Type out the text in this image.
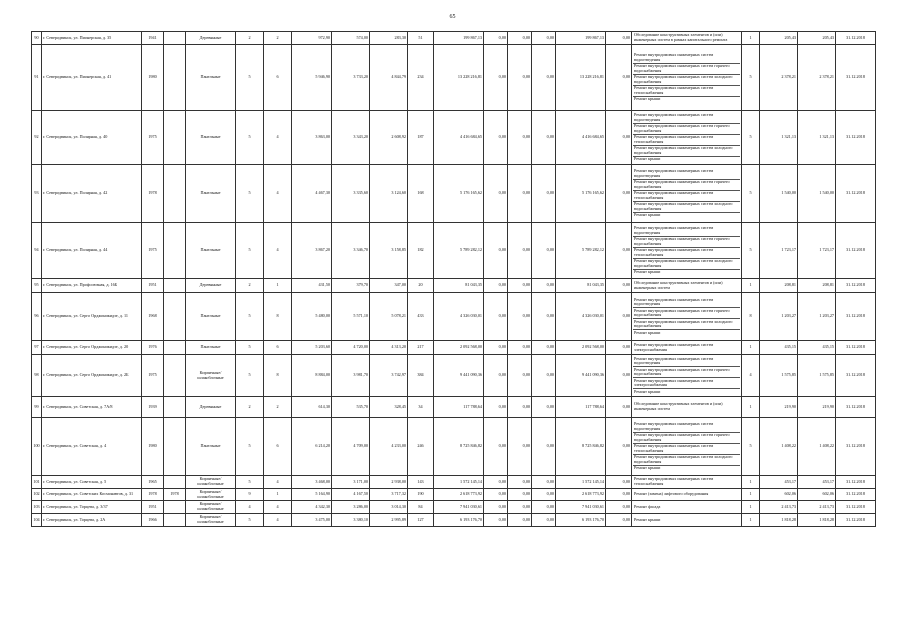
65
90	г. Северодвинск, ул. Пионерская, д. 35	1941		Деревянные	2	2	972,90	574,00	283,30	51	199 867,13	0,00	0,00	0,00	199 867,13	0,00	Обследование конструктивных элементов и (или) инженерных систем в рамках капитального ремонта	1	205,43	205,43	31.12.2018
91	г. Северодвинск, ул. Пионерская, д. 41	1980		Панельные	5	6	5 946,90	3 733,20	4 844,79	234	13 228 216,81	0,00	0,00	0,00	13 228 216,81	0,00	Ремонт внутридомовых инженерных систем водоотведения
Ремонт внутридомовых инженерных систем горячего водоснабжения
Ремонт внутридомовых инженерных систем холодного водоснабжения
Ремонт внутридомовых инженерных систем теплоснабжения
Ремонт крыши	5	2 378,21	2 378,21	31.12.2018
92	г. Северодвинск, ул. Полярная, д. 40	1975		Панельные	5	4	3 863,00	3 343,20	2 608,92	187	4 416 684,65	0,00	0,00	0,00	4 416 684,65	0,00	Ремонт внутридомовых инженерных систем водоотведения
Ремонт внутридомовых инженерных систем горячего водоснабжения
Ремонт внутридомовых инженерных систем теплоснабжения
Ремонт внутридомовых инженерных систем холодного водоснабжения
Ремонт крыши	5	1 321,13	1 321,13	31.12.2018
93	г. Северодвинск, ул. Полярная, д. 42	1978		Панельные	5	4	4 467,30	3 335,60	3 124,60	168	5 176 165,62	0,00	0,00	0,00	5 176 165,62	0,00	Ремонт внутридомовых инженерных систем водоотведения
Ремонт внутридомовых инженерных систем горячего водоснабжения
Ремонт внутридомовых инженерных систем теплоснабжения
Ремонт внутридомовых инженерных систем холодного водоснабжения
Ремонт крыши	5	1 540,00	1 540,00	31.12.2018
94	г. Северодвинск, ул. Полярная, д. 44	1975		Панельные	5	4	3 867,20	3 346,70	3 158,85	182	5 789 282,12	0,00	0,00	0,00	5 789 282,12	0,00	Ремонт внутридомовых инженерных систем водоотведения
Ремонт внутридомовых инженерных систем горячего водоснабжения
Ремонт внутридомовых инженерных систем теплоснабжения
Ремонт внутридомовых инженерных систем холодного водоснабжения
Ремонт крыши	5	1 723,17	1 723,17	31.12.2018
95	г. Северодвинск, ул. Профсоюзная, д. 16Б	1951		Деревянные	2	1	431,50	379,70	347,00	20	81 043,35	0,00	0,00	0,00	81 043,35	0,00	Обследование конструктивных элементов и (или) инженерных систем	1	208,81	208,81	31.12.2018
96	г. Северодвинск, ул. Серго Орджоникидзе, д. 11	1968		Панельные	5	8	5 480,00	5 571,10	5 078,21	433	4 326 030,01	0,00	0,00	0,00	4 326 030,01	0,00	Ремонт внутридомовых инженерных систем водоотведения
Ремонт внутридомовых инженерных систем горячего водоснабжения
Ремонт внутридомовых инженерных систем холодного водоснабжения
Ремонт крыши	8	1 203,27	1 203,27	31.12.2018
97	г. Северодвинск, ул. Серго Орджоникидзе, д. 20	1976		Панельные	5	6	5 203,60	4 720,00	4 313,20	217	2 092 568,00	0,00	0,00	0,00	2 092 568,00	0,00	Ремонт внутридомовых инженерных систем электроснабжения	1	435,15	435,15	31.12.2018
98	г. Северодвинск, ул. Серго Орджоникидзе, д. 2Б	1975		Кирпичные/ шлакоблочные	5	8	8 884,00	3 981,70	3 742,97	384	9 441 090,36	0,00	0,00	0,00	9 441 090,36	0,00	Ремонт внутридомовых инженерных систем водоотведения
Ремонт внутридомовых инженерных систем горячего водоснабжения
Ремонт внутридомовых инженерных систем электроснабжения
Ремонт крыши	4	1 575,85	1 575,85	31.12.2018
99	г. Северодвинск, ул. Советская, д. 7А/8	1939		Деревянные	2	2	614,30	535,70	328,45	34	117 788,64	0,00	0,00	0,00	117 788,64	0,00	Обследование конструктивных элементов и (или) инженерных систем	1	219,90	219,90	31.12.2018
100	г. Северодвинск, ул. Советская, д. 4	1980		Панельные	5	6	6 214,20	4 709,00	4 233,00	246	8 725 846,82	0,00	0,00	0,00	8 725 846,82	0,00	Ремонт внутридомовых инженерных систем водоотведения
Ремонт внутридомовых инженерных систем горячего водоснабжения
Ремонт внутридомовых инженерных систем теплоснабжения
Ремонт внутридомовых инженерных систем холодного водоснабжения
Ремонт крыши	5	1 408,22	1 408,22	31.12.2018
101	г. Северодвинск, ул. Советская, д. 5	1965		Кирпичные/ шлакоблочные	5	4	3 468,00	3 171,00	2 938,00	143	1 572 145,14	0,00	0,00	0,00	1 572 145,14	0,00	Ремонт внутридомовых инженерных систем теплоснабжения	1	453,17	453,17	31.12.2018
102	г. Северодвинск, ул. Советских Космонавтов, д. 31	1978	1978	Кирпичные/ шлакоблочные	9	1	5 164,90	4 167,50	3 717,32	190	2 618 773,92	0,00	0,00	0,00	2 618 773,92	0,00	Ремонт (замена) лифтового оборудования	1	602,06	602,06	31.12.2018
103	г. Северодвинск, ул. Торцева, д. 3/37	1951		Кирпичные/ шлакоблочные	4	4	4 342,30	3 286,00	3 014,30	84	7 941 030,61	0,00	0,00	0,00	7 941 030,61	0,00	Ремонт фасада	1	2 413,73	2 413,73	31.12.2018
104	г. Северодвинск, ул. Торцева, д. 2А	1966		Кирпичные/ шлакоблочные	5	4	3 475,00	3 380,10	2 995,89	127	6 193 176,70	0,00	0,00	0,00	6 193 176,70	0,00	Ремонт крыши	1	1 818,28	1 818,28	31.12.2018
